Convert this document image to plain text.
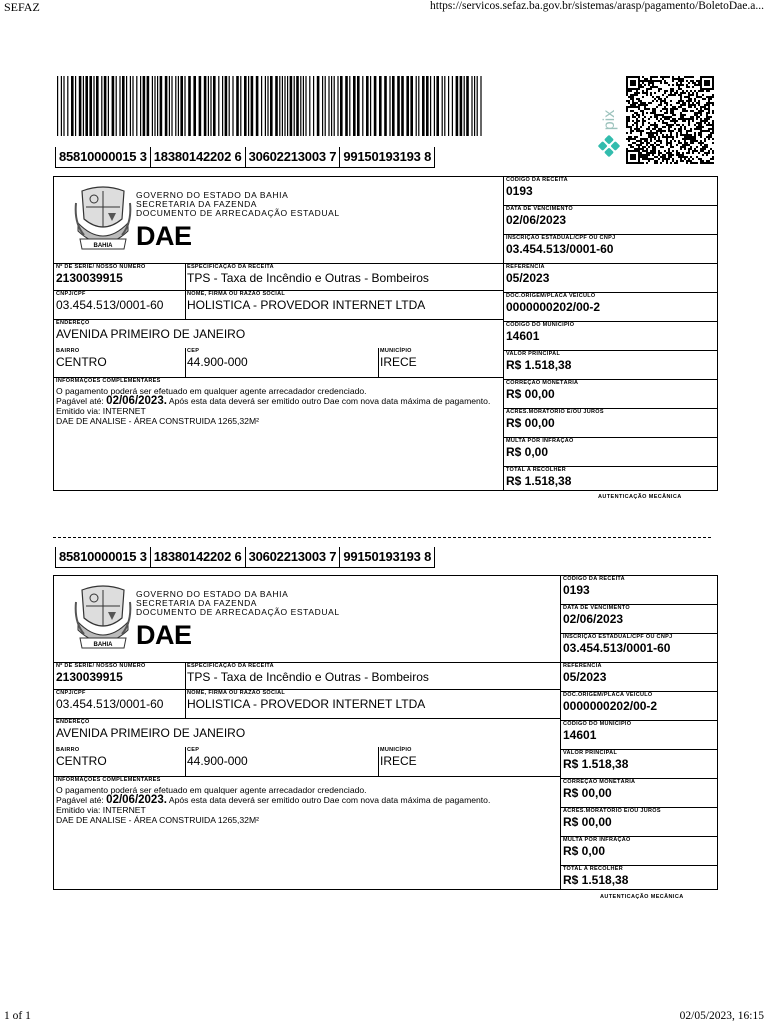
SEFAZ	https://servicos.sefaz.ba.gov.br/sistemas/arasp/pagamento/BoletoDae.a...
pix
85810000015 3 18380142202 6 30602213003 7 99150193193 8
BAHIA
GOVERNO DO ESTADO DA BAHIA
SECRETARIA DA FAZENDA
DOCUMENTO DE ARRECADAÇÃO ESTADUAL
DAE
Nº DE SÉRIE/ NOSSO NÚMERO
2130039915
ESPECIFICAÇÃO DA RECEITA
TPS - Taxa de Incêndio e Outras - Bombeiros
CNPJ/CPF
03.454.513/0001-60
NOME, FIRMA OU RAZÃO SOCIAL
HOLISTICA - PROVEDOR INTERNET LTDA
ENDEREÇO
AVENIDA PRIMEIRO DE JANEIRO
BAIRRO
CENTRO
CEP
44.900-000
MUNICÍPIO
IRECE
INFORMAÇÕES COMPLEMENTARES
O pagamento poderá ser efetuado em qualquer agente arrecadador credenciado.
Pagável até: 02/06/2023. Após esta data deverá ser emitido outro Dae com nova data máxima de pagamento.
Emitido via: INTERNET
DAE DE ANALISE - ÁREA CONSTRUIDA 1265,32M²
CÓDIGO DA RECEITA
0193
DATA DE VENCIMENTO
02/06/2023
INSCRIÇÃO ESTADUAL/CPF OU CNPJ
03.454.513/0001-60
REFERÊNCIA
05/2023
DOC.ORIGEM/PLACA VEÍCULO
0000000202/00-2
CÓDIGO DO MUNICÍPIO
14601
VALOR PRINCIPAL
R$ 1.518,38
CORREÇÃO MONETÁRIA
R$ 00,00
ACRÉS.MORATÓRIO E/OU JUROS
R$ 00,00
MULTA POR INFRAÇÃO
R$ 0,00
TOTAL A RECOLHER
R$ 1.518,38
AUTENTICAÇÃO MECÂNICA
85810000015 3 18380142202 6 30602213003 7 99150193193 8
BAHIA
GOVERNO DO ESTADO DA BAHIA
SECRETARIA DA FAZENDA
DOCUMENTO DE ARRECADAÇÃO ESTADUAL
DAE
Nº DE SÉRIE/ NOSSO NÚMERO
2130039915
ESPECIFICAÇÃO DA RECEITA
TPS - Taxa de Incêndio e Outras - Bombeiros
CNPJ/CPF
03.454.513/0001-60
NOME, FIRMA OU RAZÃO SOCIAL
HOLISTICA - PROVEDOR INTERNET LTDA
ENDEREÇO
AVENIDA PRIMEIRO DE JANEIRO
BAIRRO
CENTRO
CEP
44.900-000
MUNICÍPIO
IRECE
INFORMAÇÕES COMPLEMENTARES
O pagamento poderá ser efetuado em qualquer agente arrecadador credenciado.
Pagável até: 02/06/2023. Após esta data deverá ser emitido outro Dae com nova data máxima de pagamento.
Emitido via: INTERNET
DAE DE ANALISE - ÁREA CONSTRUIDA 1265,32M²
CÓDIGO DA RECEITA
0193
DATA DE VENCIMENTO
02/06/2023
INSCRIÇÃO ESTADUAL/CPF OU CNPJ
03.454.513/0001-60
REFERÊNCIA
05/2023
DOC.ORIGEM/PLACA VEÍCULO
0000000202/00-2
CÓDIGO DO MUNICÍPIO
14601
VALOR PRINCIPAL
R$ 1.518,38
CORREÇÃO MONETÁRIA
R$ 00,00
ACRÉS.MORATÓRIO E/OU JUROS
R$ 00,00
MULTA POR INFRAÇÃO
R$ 0,00
TOTAL A RECOLHER
R$ 1.518,38
AUTENTICAÇÃO MECÂNICA
1 of 1	02/05/2023, 16:15
